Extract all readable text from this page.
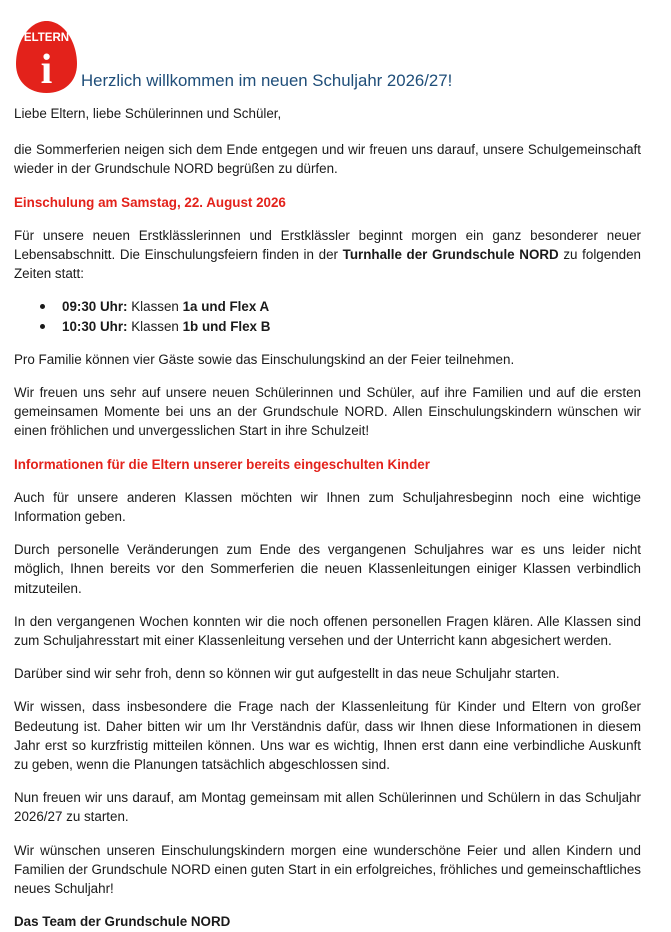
ELTERN
i Herzlich willkommen im neuen Schuljahr 2026/27!

Liebe Eltern, liebe Schülerinnen und Schüler,

die Sommerferien neigen sich dem Ende entgegen und wir freuen uns darauf, unsere Schulgemeinschaft wieder in der Grundschule NORD begrüßen zu dürfen.

Einschulung am Samstag, 22. August 2026

Für unsere neuen Erstklässlerinnen und Erstklässler beginnt morgen ein ganz besonderer neuer Lebensabschnitt. Die Einschulungsfeiern finden in der Turnhalle der Grundschule NORD zu folgenden Zeiten statt:

09:30 Uhr: Klassen 1a und Flex A
10:30 Uhr: Klassen 1b und Flex B

Pro Familie können vier Gäste sowie das Einschulungskind an der Feier teilnehmen.

Wir freuen uns sehr auf unsere neuen Schülerinnen und Schüler, auf ihre Familien und auf die ersten gemeinsamen Momente bei uns an der Grundschule NORD. Allen Einschulungskindern wünschen wir einen fröhlichen und unvergesslichen Start in ihre Schulzeit!

Informationen für die Eltern unserer bereits eingeschulten Kinder

Auch für unsere anderen Klassen möchten wir Ihnen zum Schuljahresbeginn noch eine wichtige Information geben.

Durch personelle Veränderungen zum Ende des vergangenen Schuljahres war es uns leider nicht möglich, Ihnen bereits vor den Sommerferien die neuen Klassenleitungen einiger Klassen verbindlich mitzuteilen.

In den vergangenen Wochen konnten wir die noch offenen personellen Fragen klären. Alle Klassen sind zum Schuljahresstart mit einer Klassenleitung versehen und der Unterricht kann abgesichert werden.

Darüber sind wir sehr froh, denn so können wir gut aufgestellt in das neue Schuljahr starten.

Wir wissen, dass insbesondere die Frage nach der Klassenleitung für Kinder und Eltern von großer Bedeutung ist. Daher bitten wir um Ihr Verständnis dafür, dass wir Ihnen diese Informationen in diesem Jahr erst so kurzfristig mitteilen können. Uns war es wichtig, Ihnen erst dann eine verbindliche Auskunft zu geben, wenn die Planungen tatsächlich abgeschlossen sind.

Nun freuen wir uns darauf, am Montag gemeinsam mit allen Schülerinnen und Schülern in das Schuljahr 2026/27 zu starten.

Wir wünschen unseren Einschulungskindern morgen eine wunderschöne Feier und allen Kindern und Familien der Grundschule NORD einen guten Start in ein erfolgreiches, fröhliches und gemeinschaftliches neues Schuljahr!

Das Team der Grundschule NORD
